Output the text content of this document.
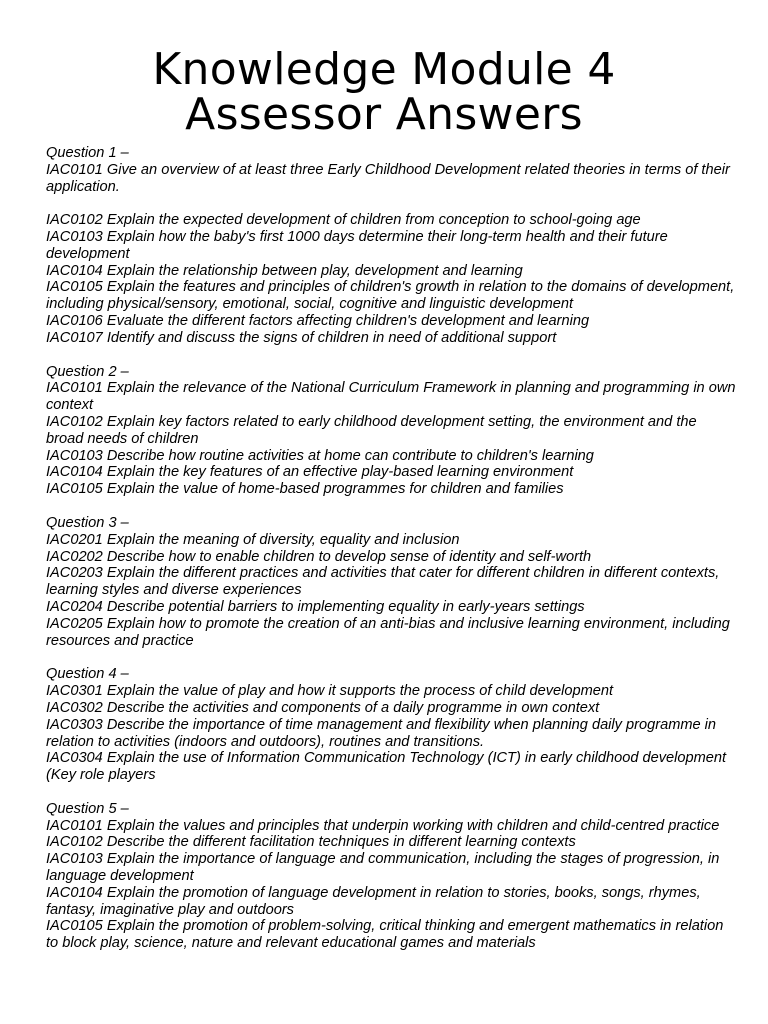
Knowledge Module 4
Assessor Answers
Question 1 –
IAC0101 Give an overview of at least three Early Childhood Development related theories in terms of their application.

IAC0102 Explain the expected development of children from conception to school-going age
IAC0103 Explain how the baby's first 1000 days determine their long-term health and their future development
IAC0104 Explain the relationship between play, development and learning
IAC0105 Explain the features and principles of children's growth in relation to the domains of development, including physical/sensory, emotional, social, cognitive and linguistic development
IAC0106 Evaluate the different factors affecting children's development and learning
IAC0107 Identify and discuss the signs of children in need of additional support
Question 2 –
IAC0101 Explain the relevance of the National Curriculum Framework in planning and programming in own context
IAC0102 Explain key factors related to early childhood development setting, the environment and the broad needs of children
IAC0103 Describe how routine activities at home can contribute to children's learning
IAC0104 Explain the key features of an effective play-based learning environment
IAC0105 Explain the value of home-based programmes for children and families
Question 3 –
IAC0201 Explain the meaning of diversity, equality and inclusion
IAC0202 Describe how to enable children to develop sense of identity and self-worth
IAC0203 Explain the different practices and activities that cater for different children in different contexts, learning styles and diverse experiences
IAC0204 Describe potential barriers to implementing equality in early-years settings
IAC0205 Explain how to promote the creation of an anti-bias and inclusive learning environment, including resources and practice
Question 4 –
IAC0301 Explain the value of play and how it supports the process of child development
IAC0302 Describe the activities and components of a daily programme in own context
IAC0303 Describe the importance of time management and flexibility when planning daily programme in relation to activities (indoors and outdoors), routines and transitions.
IAC0304 Explain the use of Information Communication Technology (ICT) in early childhood development (Key role players
Question 5 –
IAC0101 Explain the values and principles that underpin working with children and child-centred practice
IAC0102 Describe the different facilitation techniques in different learning contexts
IAC0103 Explain the importance of language and communication, including the stages of progression, in language development
IAC0104 Explain the promotion of language development in relation to stories, books, songs, rhymes, fantasy, imaginative play and outdoors
IAC0105 Explain the promotion of problem-solving, critical thinking and emergent mathematics in relation to block play, science, nature and relevant educational games and materials
